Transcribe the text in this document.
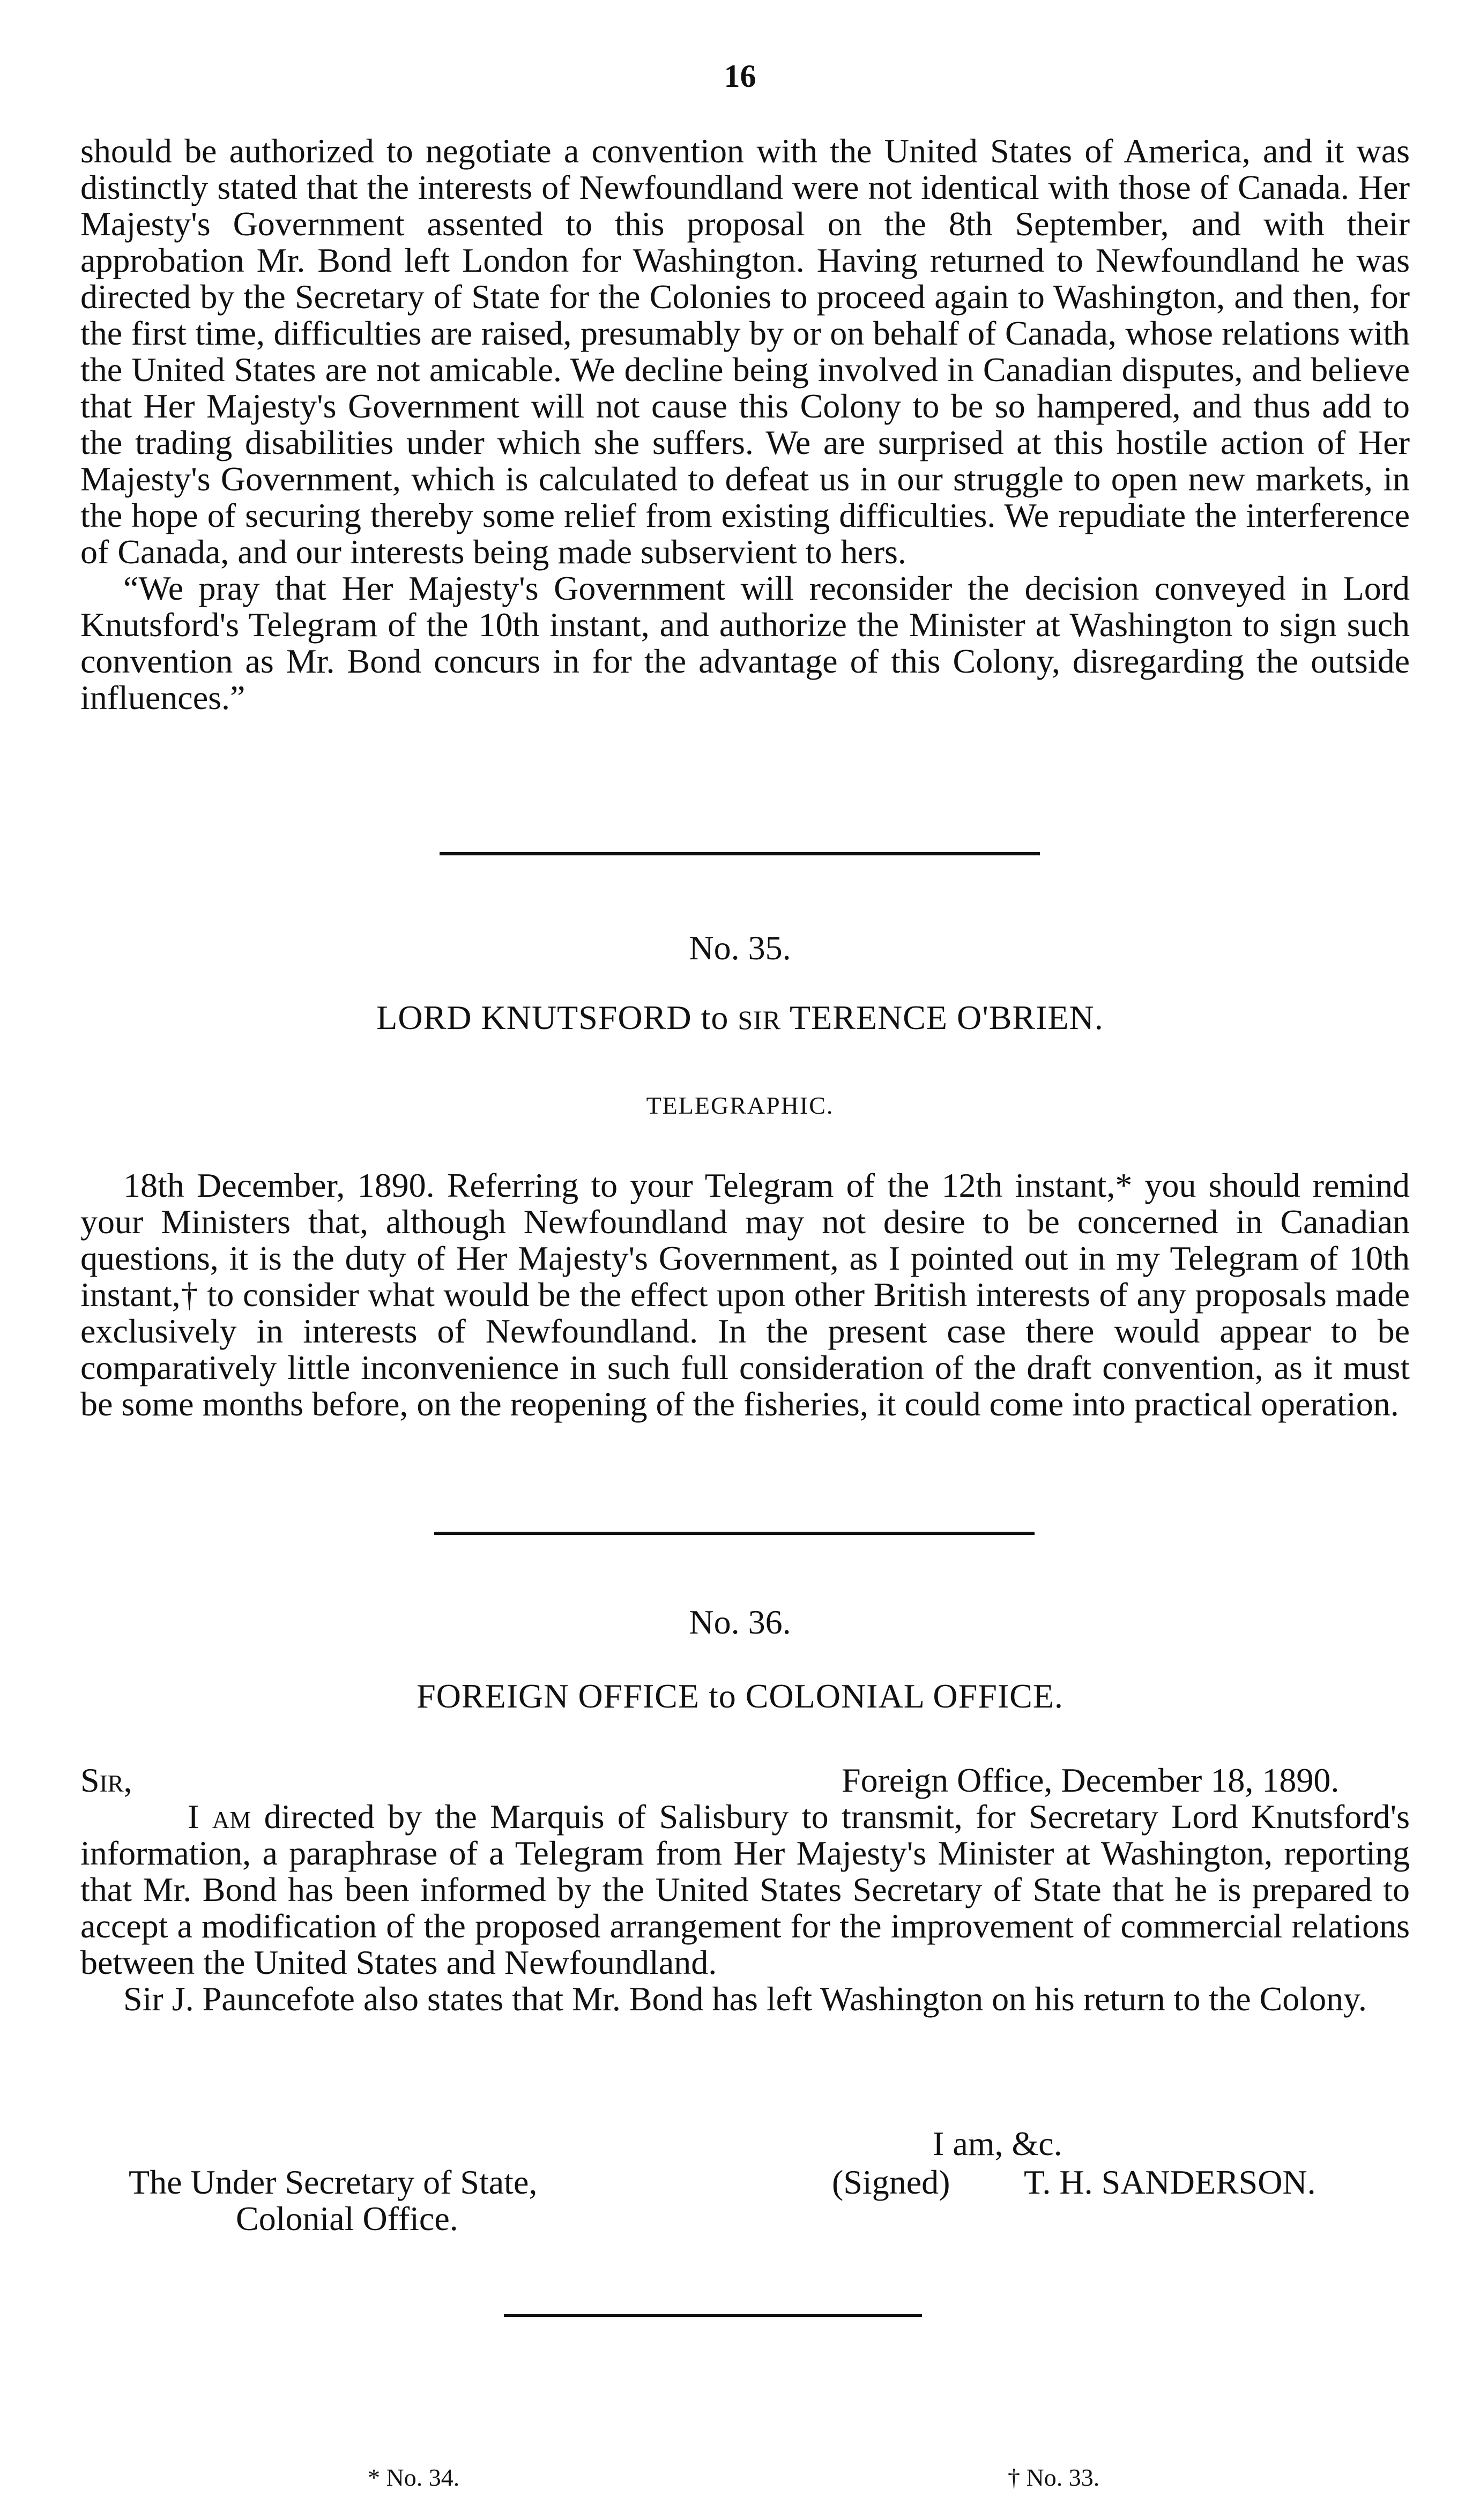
16

should be authorized to negotiate a convention with the United States of America, and it was distinctly stated that the interests of Newfoundland were not identical with those of Canada. Her Majesty's Government assented to this proposal on the 8th September, and with their approbation Mr. Bond left London for Washington. Having returned to Newfoundland he was directed by the Secretary of State for the Colonies to proceed again to Washington, and then, for the first time, difficulties are raised, presumably by or on behalf of Canada, whose relations with the United States are not amicable. We decline being involved in Canadian disputes, and believe that Her Majesty's Government will not cause this Colony to be so hampered, and thus add to the trading disabilities under which she suffers. We are surprised at this hostile action of Her Majesty's Government, which is calculated to defeat us in our struggle to open new markets, in the hope of securing thereby some relief from existing difficulties. We repudiate the interference of Canada, and our interests being made subservient to hers.

“We pray that Her Majesty's Government will reconsider the decision conveyed in Lord Knutsford's Telegram of the 10th instant, and authorize the Minister at Washington to sign such convention as Mr. Bond concurs in for the advantage of this Colony, disregarding the outside influences.”

No. 35.
LORD KNUTSFORD to SIR TERENCE O'BRIEN.
TELEGRAPHIC.

18th December, 1890. Referring to your Telegram of the 12th instant,* you should remind your Ministers that, although Newfoundland may not desire to be concerned in Canadian questions, it is the duty of Her Majesty's Government, as I pointed out in my Telegram of 10th instant,† to consider what would be the effect upon other British interests of any proposals made exclusively in interests of Newfoundland. In the present case there would appear to be comparatively little inconvenience in such full consideration of the draft convention, as it must be some months before, on the reopening of the fisheries, it could come into practical operation.

No. 36.
FOREIGN OFFICE to COLONIAL OFFICE.
Sir,	Foreign Office, December 18, 1890.

I am directed by the Marquis of Salisbury to transmit, for Secretary Lord Knutsford's information, a paraphrase of a Telegram from Her Majesty's Minister at Washington, reporting that Mr. Bond has been informed by the United States Secretary of State that he is prepared to accept a modification of the proposed arrangement for the improvement of commercial relations between the United States and Newfoundland.

Sir J. Pauncefote also states that Mr. Bond has left Washington on his return to the Colony.

I am, &c.
The Under Secretary of State,	(Signed) T. H. SANDERSON.
Colonial Office.
* No. 34.	† No. 33.
